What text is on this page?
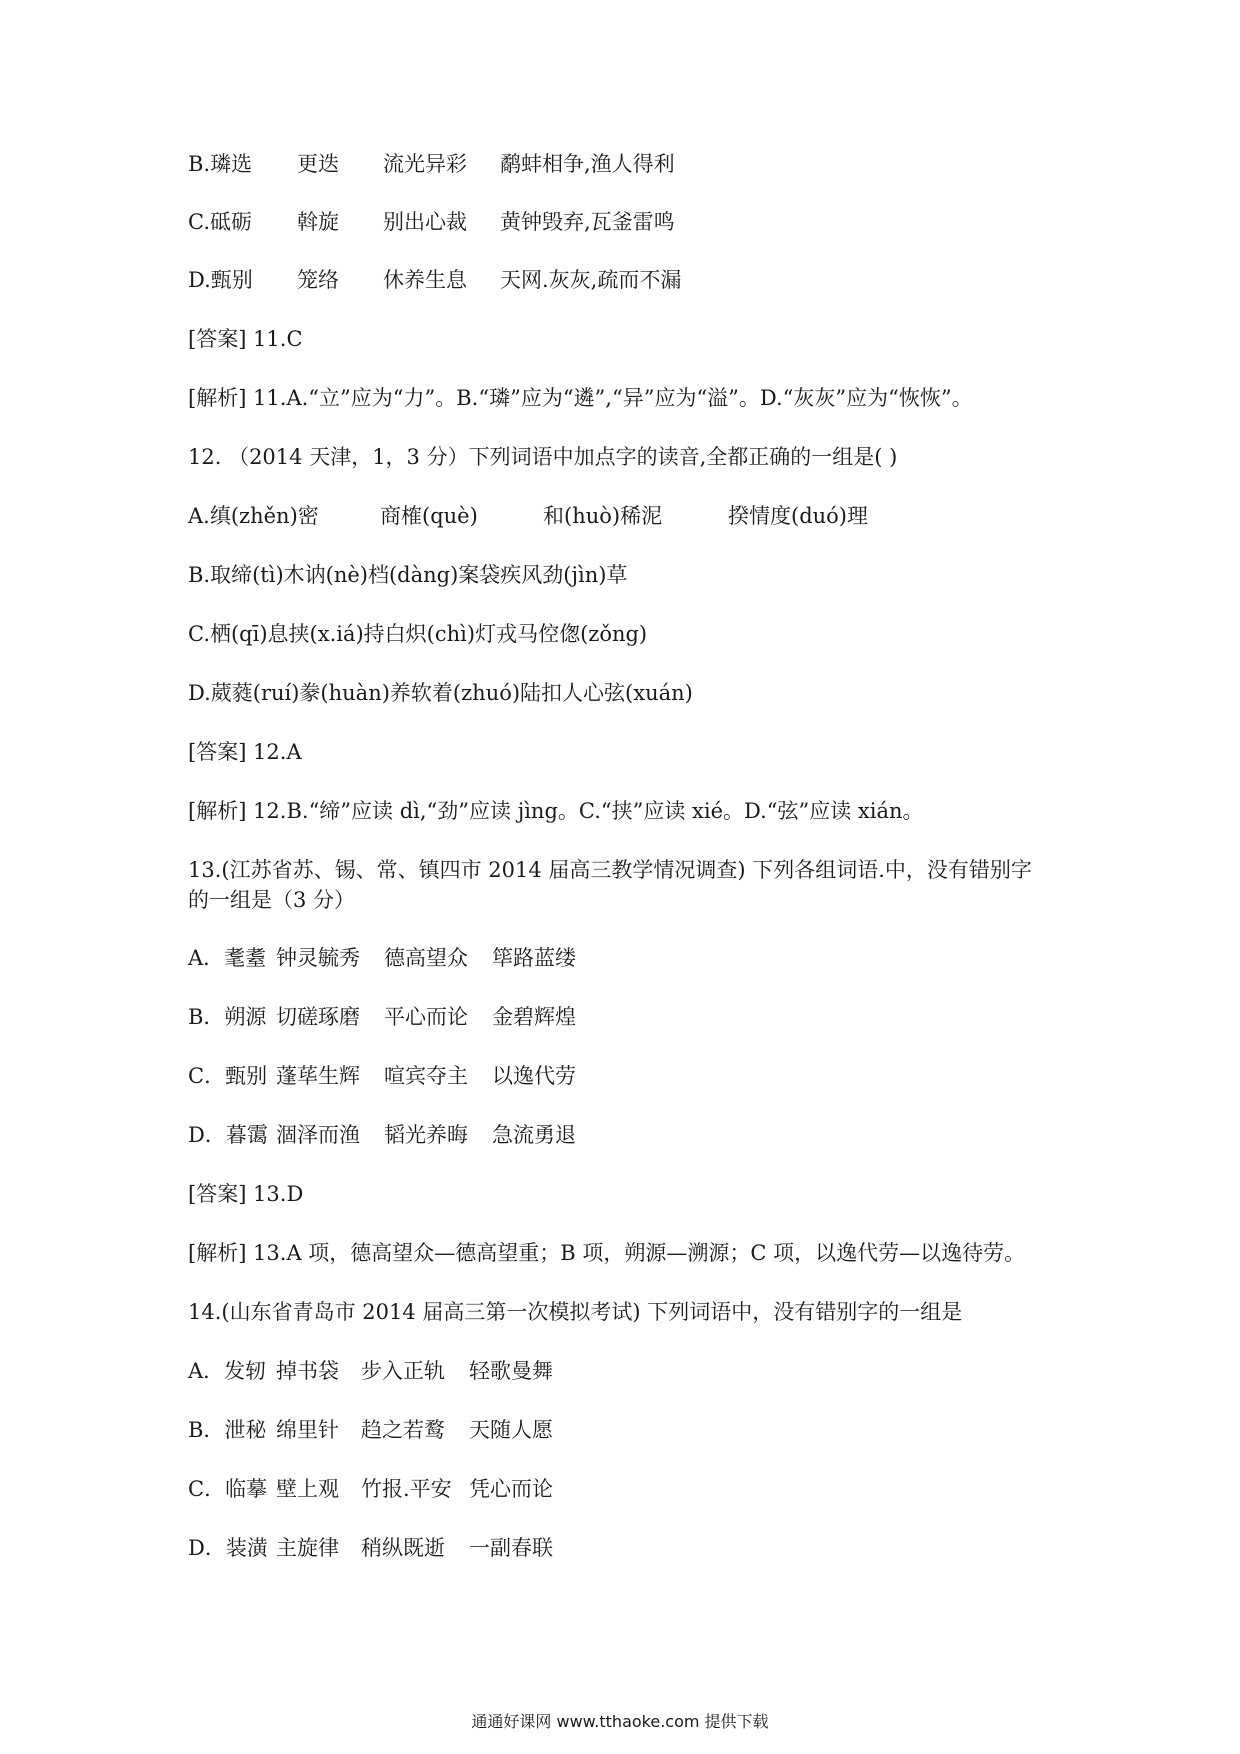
B.璘选	更迭	流光异彩	鹬蚌相争,渔人得利
C.砥砺	斡旋	别出心裁	黄钟毁弃,瓦釜雷鸣
D.甄别	笼络	休养生息	天网.灰灰,疏而不漏
[答案] 11.C
[解析] 11.A.“立”应为“力”。B.“璘”应为“遴”,“异”应为“溢”。D.“灰灰”应为“恢恢”。
12. （2014 天津，1，3 分）下列词语中加点字的读音,全都正确的一组是( )
A.缜(zhěn)密	商榷(què)	和(huò)稀泥	揆情度(duó)理
B.取缔(tì)木讷(nè)档(dàng)案袋疾风劲(jìn)草
C.栖(qī)息挟(x.iá)持白炽(chì)灯戎马倥偬(zǒng)
D.葳蕤(ruí)豢(huàn)养软着(zhuó)陆扣人心弦(xuán)
[答案] 12.A
[解析] 12.B.“缔”应读 dì,“劲”应读 jìng。C.“挟”应读 xié。D.“弦”应读 xián。
13.(江苏省苏、锡、常、镇四市 2014 届高三教学情况调查) 下列各组词语.中，没有错别字
的一组是（3 分）
A．耄耋 钟灵毓秀	德高望众	筚路蓝缕
B．朔源 切磋琢磨	平心而论	金碧辉煌
C．甄别 蓬荜生辉	喧宾夺主	以逸代劳
D．暮霭 涸泽而渔	韬光养晦	急流勇退
[答案] 13.D
[解析] 13.A 项，德高望众—德高望重；B 项，朔源—溯源；C 项，以逸代劳—以逸待劳。
14.(山东省青岛市 2014 届高三第一次模拟考试) 下列词语中，没有错别字的一组是
A．发轫 掉书袋	步入正轨	轻歌曼舞
B．泄秘 绵里针	趋之若鹜	天随人愿
C．临摹 壁上观	竹报.平安 凭心而论
D．装潢 主旋律	稍纵既逝	一副春联
通通好课网 www.tthaoke.com 提供下载
